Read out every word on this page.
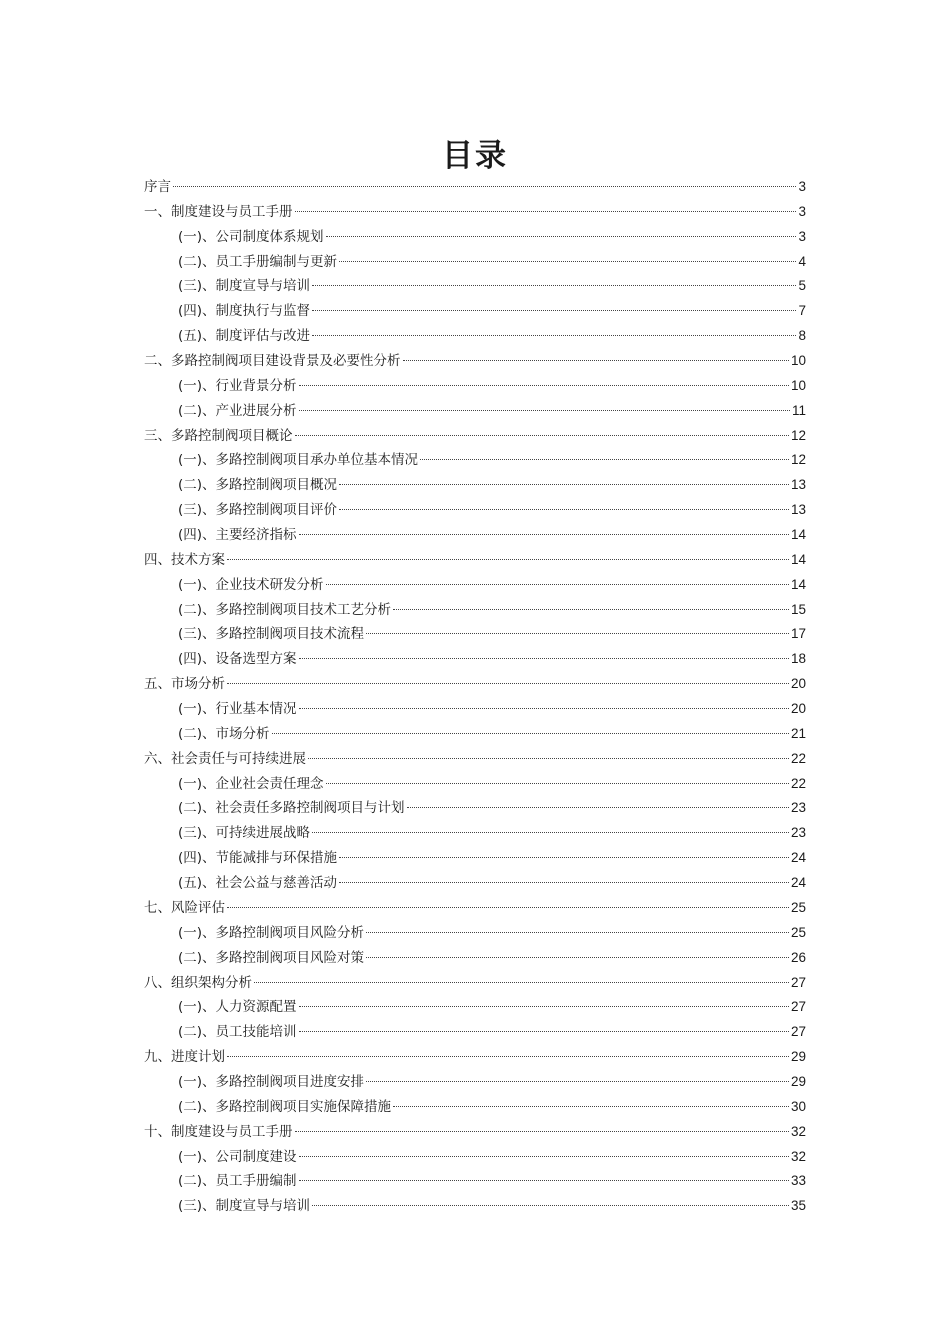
目录
序言	3
一、制度建设与员工手册	3
(一)、公司制度体系规划	3
(二)、员工手册编制与更新	4
(三)、制度宣导与培训	5
(四)、制度执行与监督	7
(五)、制度评估与改进	8
二、多路控制阀项目建设背景及必要性分析	10
(一)、行业背景分析	10
(二)、产业进展分析	11
三、多路控制阀项目概论	12
(一)、多路控制阀项目承办单位基本情况	12
(二)、多路控制阀项目概况	13
(三)、多路控制阀项目评价	13
(四)、主要经济指标	14
四、技术方案	14
(一)、企业技术研发分析	14
(二)、多路控制阀项目技术工艺分析	15
(三)、多路控制阀项目技术流程	17
(四)、设备选型方案	18
五、市场分析	20
(一)、行业基本情况	20
(二)、市场分析	21
六、社会责任与可持续进展	22
(一)、企业社会责任理念	22
(二)、社会责任多路控制阀项目与计划	23
(三)、可持续进展战略	23
(四)、节能减排与环保措施	24
(五)、社会公益与慈善活动	24
七、风险评估	25
(一)、多路控制阀项目风险分析	25
(二)、多路控制阀项目风险对策	26
八、组织架构分析	27
(一)、人力资源配置	27
(二)、员工技能培训	27
九、进度计划	29
(一)、多路控制阀项目进度安排	29
(二)、多路控制阀项目实施保障措施	30
十、制度建设与员工手册	32
(一)、公司制度建设	32
(二)、员工手册编制	33
(三)、制度宣导与培训	35
